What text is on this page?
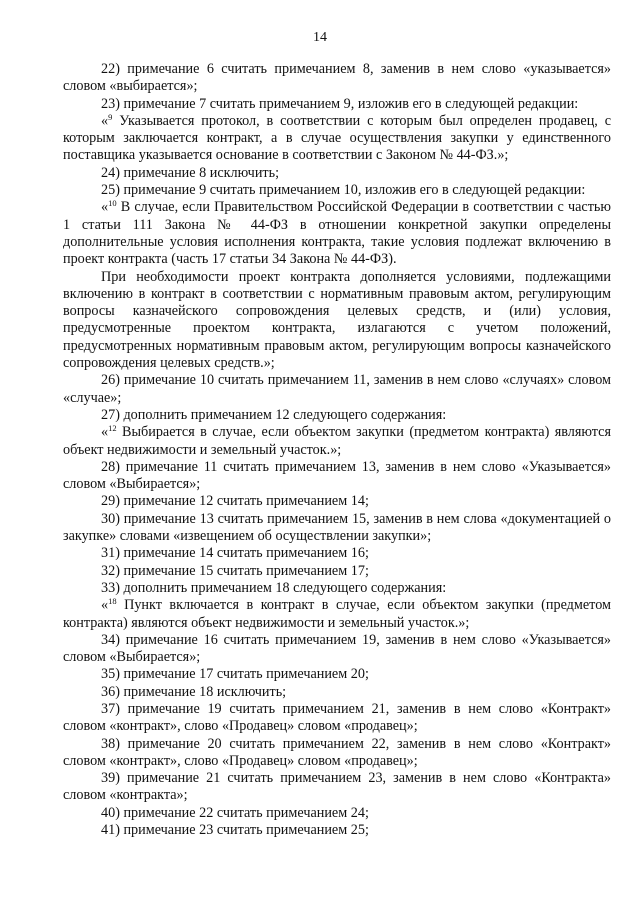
14

22) примечание 6 считать примечанием 8, заменив в нем слово «указывается» словом «выбирается»;

23) примечание 7 считать примечанием 9, изложив его в следующей редакции:

«$^9$ Указывается протокол, в соответствии с которым был определен продавец, с которым заключается контракт, а в случае осуществления закупки у единственного поставщика указывается основание в соответствии с Законом № 44-ФЗ.»;

24) примечание 8 исключить;

25) примечание 9 считать примечанием 10, изложив его в следующей редакции:

«$^{10}$ В случае, если Правительством Российской Федерации в соответствии с частью 1 статьи 111 Закона № 44-ФЗ в отношении конкретной закупки определены дополнительные условия исполнения контракта, такие условия подлежат включению в проект контракта (часть 17 статьи 34 Закона № 44-ФЗ).

При необходимости проект контракта дополняется условиями, подлежащими включению в контракт в соответствии с нормативным правовым актом, регулирующим вопросы казначейского сопровождения целевых средств, и (или) условия, предусмотренные проектом контракта, излагаются с учетом положений, предусмотренных нормативным правовым актом, регулирующим вопросы казначейского сопровождения целевых средств.»;

26) примечание 10 считать примечанием 11, заменив в нем слово «случаях» словом «случае»;

27) дополнить примечанием 12 следующего содержания:

«$^{12}$ Выбирается в случае, если объектом закупки (предметом контракта) являются объект недвижимости и земельный участок.»;

28) примечание 11 считать примечанием 13, заменив в нем слово «Указывается» словом «Выбирается»;

29) примечание 12 считать примечанием 14;

30) примечание 13 считать примечанием 15, заменив в нем слова «документацией о закупке» словами «извещением об осуществлении закупки»;

31) примечание 14 считать примечанием 16;

32) примечание 15 считать примечанием 17;

33) дополнить примечанием 18 следующего содержания:

«$^{18}$ Пункт включается в контракт в случае, если объектом закупки (предметом контракта) являются объект недвижимости и земельный участок.»;

34) примечание 16 считать примечанием 19, заменив в нем слово «Указывается» словом «Выбирается»;

35) примечание 17 считать примечанием 20;

36) примечание 18 исключить;

37) примечание 19 считать примечанием 21, заменив в нем слово «Контракт» словом «контракт», слово «Продавец» словом «продавец»;

38) примечание 20 считать примечанием 22, заменив в нем слово «Контракт» словом «контракт», слово «Продавец» словом «продавец»;

39) примечание 21 считать примечанием 23, заменив в нем слово «Контракта» словом «контракта»;

40) примечание 22 считать примечанием 24;

41) примечание 23 считать примечанием 25;
